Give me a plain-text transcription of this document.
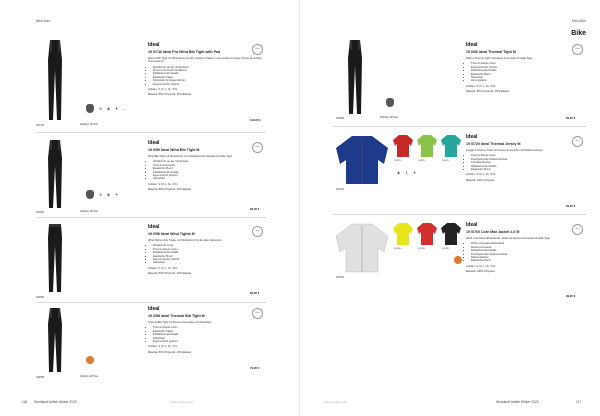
Bike Man
190746	Padding: GP Pad
≋ ◈ ✦ ↔
Ideal
19 0/746 Ideal Pro Wind Bib Tight with Pad
Warme Bib-Tight mit Windschutz an den vorderen Partien, Innenpolster für lange Touren bei kühlen Temperaturen.
• Windschutz an der Vorderseite
• Fleece-Innenseite für Wärme
• Reflektierende Details
• Elastische Träger
• Sitzpolster für lange Fahrten
• Ergonomischer Schnitt
Größen: S, M, L, XL, XXL
Material: 85% Polyamid, 15% Elastan
Ideal
119,95 €
190050	Padding: GP Pad
≋ ◈ ✦
Ideal
19 0/50 Ideal Wind Bib Tight M
Wind-Bib-Tight mit Windschutz und reflektierenden Details für kühle Tage.
• Windschutz an der Vorderseite
• Thermo-Innenseite
• Elastischer Bund
• Reflektierende Details
• Ergonomisch geformt
• Sitzpolster
Größen: S, M, L, XL, XXL
Material: 80% Polyamid, 20% Elastan
Ideal
99,95 €
190056
Ideal
19 0/56 Ideal Wind Tights M
Wind-Tights ohne Träger mit Windschutz für die kalte Jahreszeit.
• Windschutz vorne
• Thermo-Fleece innen
• Reflektierende Details
• Elastischer Bund
• Ergonomischer Schnitt
• Sitzpolster
Größen: S, M, L, XL, XXL
Material: 80% Polyamid, 20% Elastan
Ideal
89,95 €
190058	Padding: GP Pad
Ideal
19 0/58 Ideal Thermal Bib Tight M
Thermo-Bib-Tight mit Fleece-Innenseite und Sitzpolster.
• Thermo-Fleece innen
• Elastische Träger
• Reflektierende Details
• Sitzpolster
• Ergonomisch geformt
Größen: S, M, L, XL, XXL
Material: 80% Polyamid, 20% Elastan
Ideal
79,95 €
116 Worldsurf Artikel Winter 2023	Preise in Euro inkl.
Man Bike
Bike
190056	Padding: GP Pad
Ideal
19 0/56 Ideal Thermal Tight M
Warme Thermo-Tight mit Fleece-Innenseite für kalte Tage.
• Thermo-Fleece innen
• Ergonomischer Schnitt
• Reflektierende Details
• Elastischer Bund
• Sitzpolster
• Atmungsaktiv
Größen: S, M, L, XL, XXL
Material: 85% Polyamid, 15% Elastan
Ideal
69,95 €
190720
190720	190721	190722
◈ ⇕ ✦
Ideal
19 0/720 Ideal Thermal Jersey M
Langarm-Thermo-Trikot mit Fleece-Innenseite und Reißverschluss.
• Thermo-Fleece innen
• Durchgehender Reißverschluss
• 3 Rückentaschen
• Reflektierende Details
• Elastischer Bund
Größen: S, M, L, XL, XXL
Material: 100% Polyester
Ideal
59,95 €
190760
190760	190761	190762
Ideal
19 0/760 Core Max Jacket 2.0 M
Wind- und wasserabweisende Jacke mit Fleece-Innenseite für kalte Tage.
• Wind- und wasserabweisend
• Fleece-Innenseite
• Reflektierende Details
• Durchgehender Reißverschluss
• Rückentaschen
• Elastischer Bund
Größen: S, M, L, XL, XXL
Material: 100% Polyester
Ideal
99,95 €
Preise in Euro inkl.	Worldsurf Artikel Winter 2023	117
